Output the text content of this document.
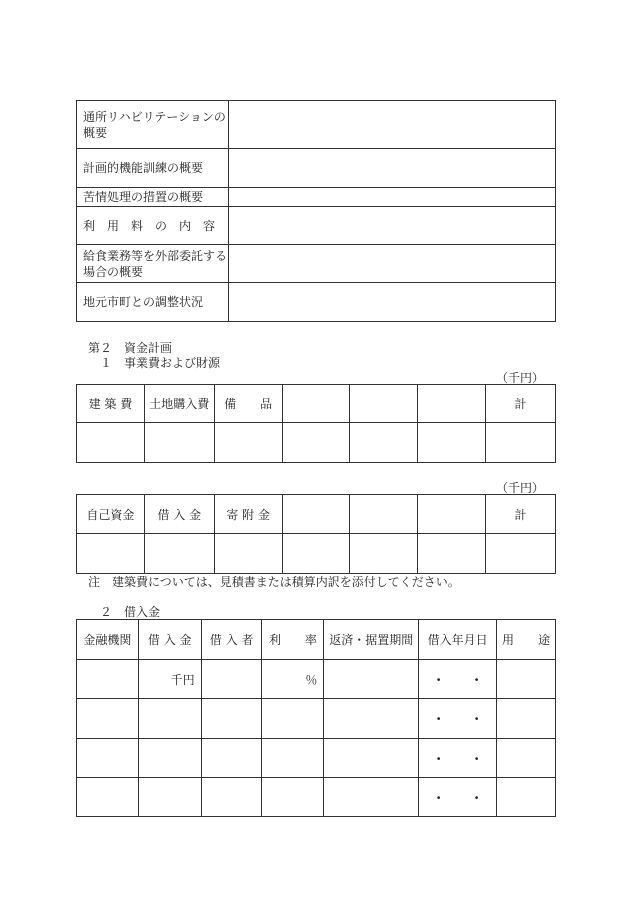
通所リハビリテーションの概要	
計画的機能訓練の概要	
苦情処理の措置の概要	
利　用　料　の　内　容	
給食業務等を外部委託する場合の概要	
地元市町との調整状況	
第２　資金計画
１　事業費および財源
（千円）
建 築 費	土地購入費	備　　品				計

（千円）
自己資金	借 入 金	寄 附 金				計

注　建築費については、見積書または積算内訳を添付してください。
２　借入金
金融機関	借 入 金	借 入 者	利　　率	返済・据置期間	借入年月日	用　　途
	千円		％		・ ・	

					・ ・	

					・ ・	

					・ ・	
